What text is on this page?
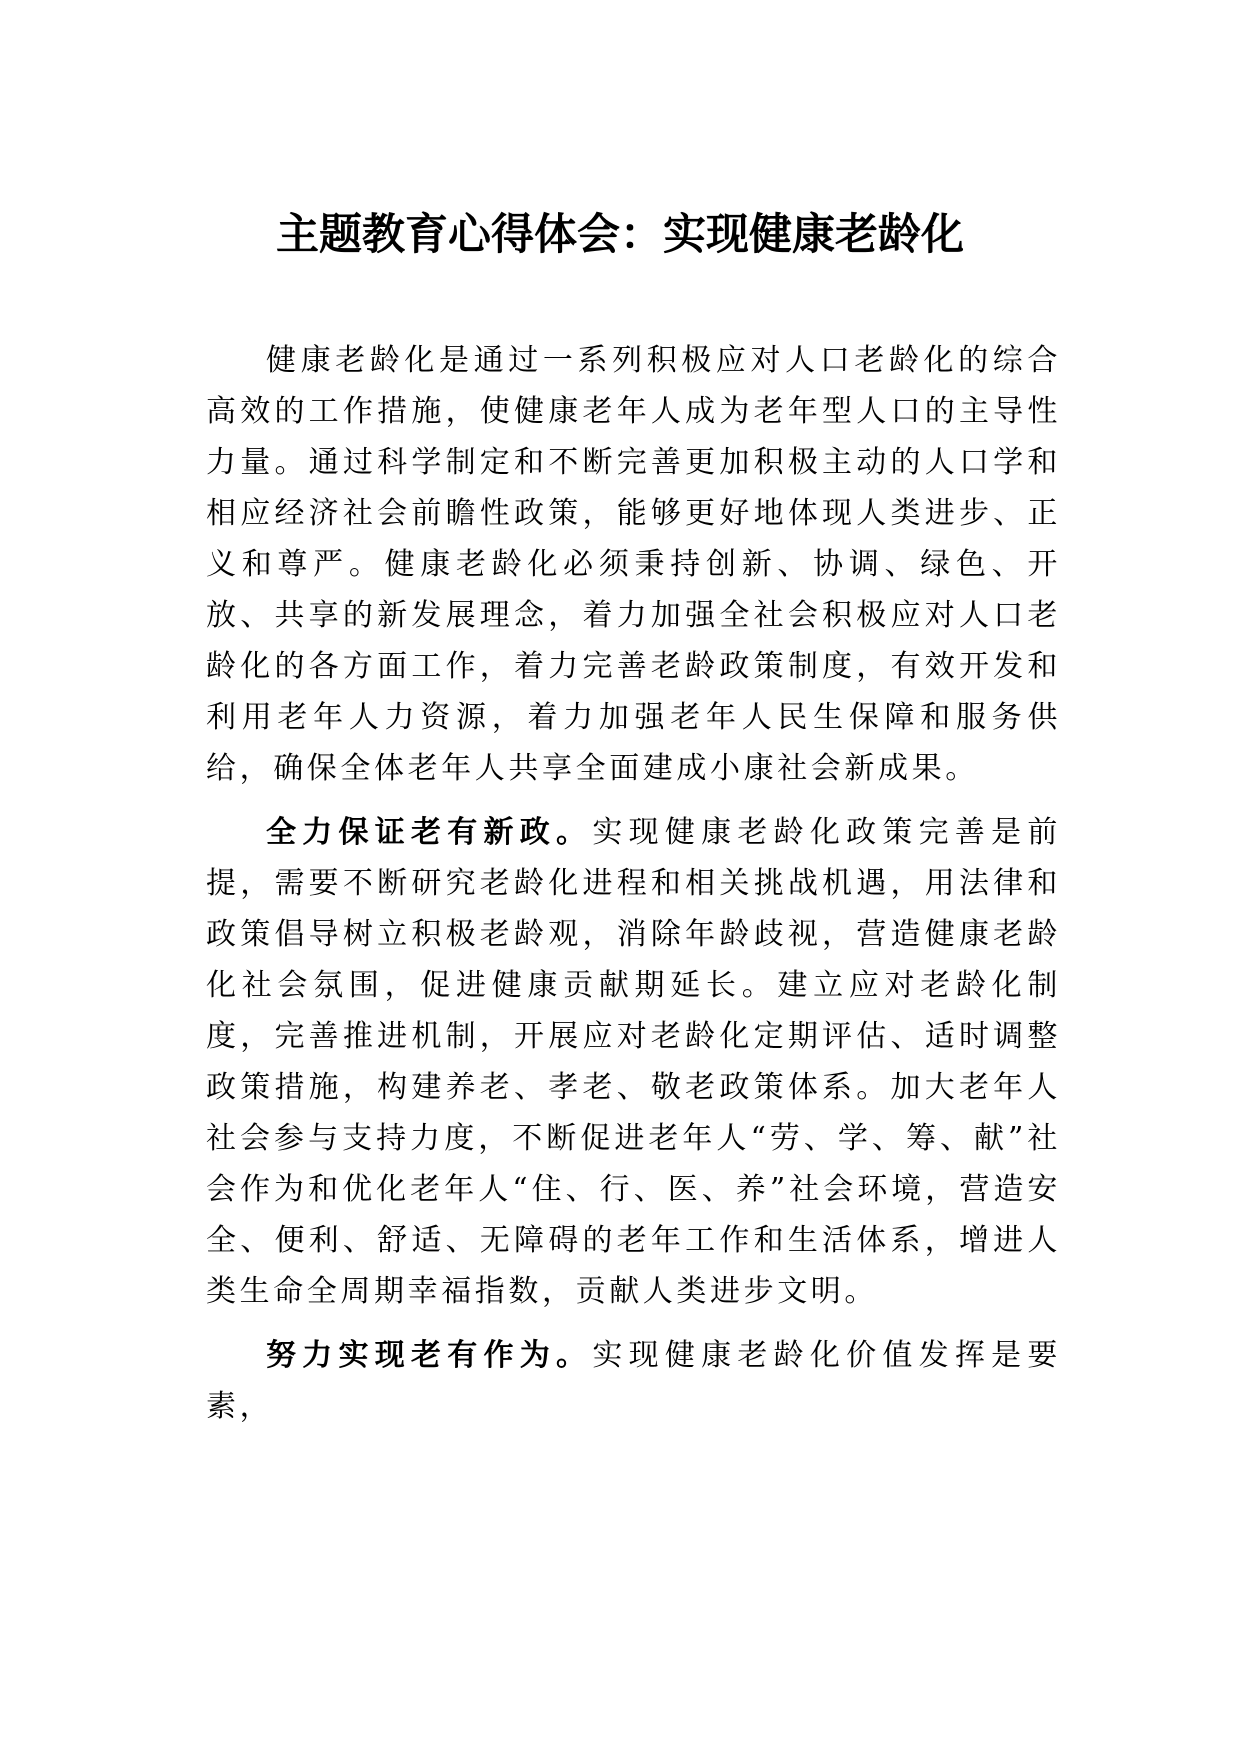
主题教育心得体会：实现健康老龄化

健康老龄化是通过一系列积极应对人口老龄化的综合高效的工作措施，使健康老年人成为老年型人口的主导性力量。通过科学制定和不断完善更加积极主动的人口学和相应经济社会前瞻性政策，能够更好地体现人类进步、正义和尊严。健康老龄化必须秉持创新、协调、绿色、开放、共享的新发展理念，着力加强全社会积极应对人口老龄化的各方面工作，着力完善老龄政策制度，有效开发和利用老年人力资源，着力加强老年人民生保障和服务供给，确保全体老年人共享全面建成小康社会新成果。

全力保证老有新政。实现健康老龄化政策完善是前提，需要不断研究老龄化进程和相关挑战机遇，用法律和政策倡导树立积极老龄观，消除年龄歧视，营造健康老龄化社会氛围，促进健康贡献期延长。建立应对老龄化制度，完善推进机制，开展应对老龄化定期评估、适时调整政策措施，构建养老、孝老、敬老政策体系。加大老年人社会参与支持力度，不断促进老年人“劳、学、筹、献”社会作为和优化老年人“住、行、医、养”社会环境，营造安全、便利、舒适、无障碍的老年工作和生活体系，增进人类生命全周期幸福指数，贡献人类进步文明。

努力实现老有作为。实现健康老龄化价值发挥是要素，
